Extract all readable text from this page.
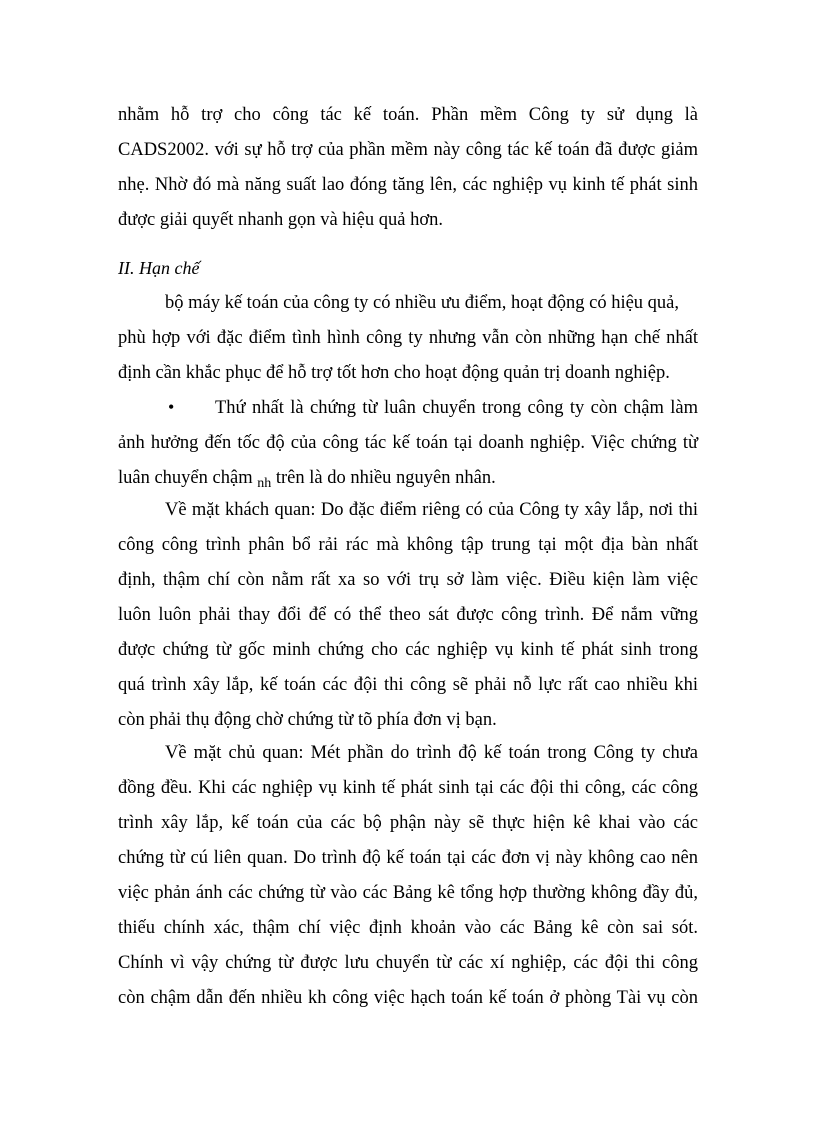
nhằm hỗ trợ cho công tác kế toán. Phần mềm Công ty sử dụng là
CADS2002. với sự hỗ trợ của phần mềm này công tác kế toán đã được giảm
nhẹ. Nhờ đó mà năng suất lao đóng tăng lên, các nghiệp vụ kinh tế phát sinh
được giải quyết nhanh gọn và hiệu quả hơn.
II. Hạn chế
bộ máy kế toán của công ty có nhiều ưu điểm, hoạt động có hiệu quả,
phù hợp với đặc điểm tình hình công ty nhưng vẫn còn những hạn chế nhất
định cần khắc phục để hỗ trợ tốt hơn cho hoạt động quản trị doanh nghiệp.
• Thứ nhất là chứng từ luân chuyển trong công ty còn chậm làm
ảnh hưởng đến tốc độ của công tác kế toán tại doanh nghiệp. Việc chứng từ
luân chuyển chậm $_{nh}$ trên là do nhiều nguyên nhân.
Về mặt khách quan: Do đặc điểm riêng có của Công ty xây lắp, nơi thi
công công trình phân bổ rải rác mà không tập trung tại một địa bàn nhất
định, thậm chí còn nằm rất xa so với trụ sở làm việc. Điều kiện làm việc
luôn luôn phải thay đổi để có thể theo sát được công trình. Để nắm vững
được chứng từ gốc minh chứng cho các nghiệp vụ kinh tế phát sinh trong
quá trình xây lắp, kế toán các đội thi công sẽ phải nỗ lực rất cao nhiều khi
còn phải thụ động chờ chứng từ tõ phía đơn vị bạn.
Về mặt chủ quan: Mét phần do trình độ kế toán trong Công ty chưa
đồng đều. Khi các nghiệp vụ kinh tế phát sinh tại các đội thi công, các công
trình xây lắp, kế toán của các bộ phận này sẽ thực hiện kê khai vào các
chứng từ cú liên quan. Do trình độ kế toán tại các đơn vị này không cao nên
việc phản ánh các chứng từ vào các Bảng kê tổng hợp thường không đầy đủ,
thiếu chính xác, thậm chí việc định khoản vào các Bảng kê còn sai sót.
Chính vì vậy chứng từ được lưu chuyển từ các xí nghiệp, các đội thi công
còn chậm dẫn đến nhiều kh công việc hạch toán kế toán ở phòng Tài vụ còn
